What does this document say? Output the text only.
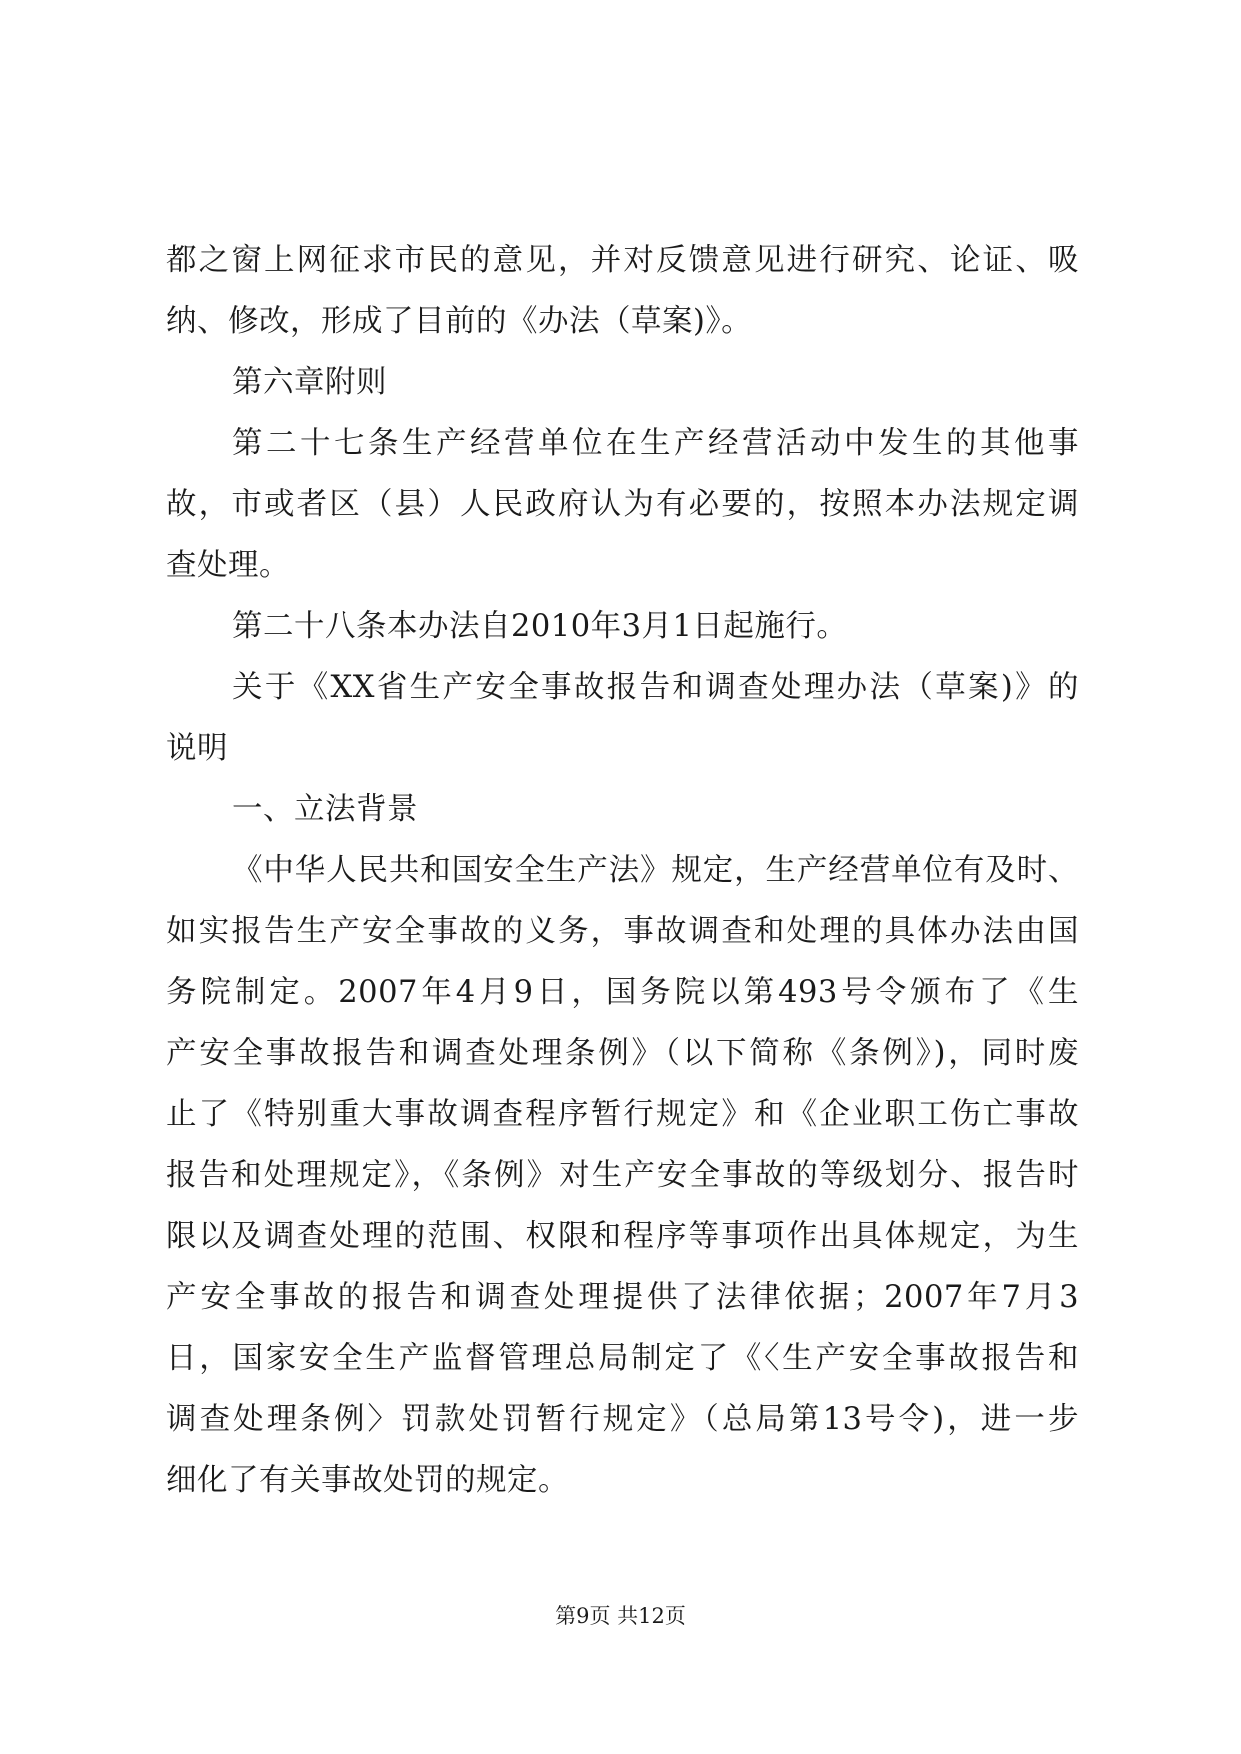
都之窗上网征求市民的意见，并对反馈意见进行研究、论证、吸
纳、修改，形成了目前的《办法（草案)》。
第六章附则
第二十七条生产经营单位在生产经营活动中发生的其他事
故，市或者区（县）人民政府认为有必要的，按照本办法规定调
查处理。
第二十八条本办法自2010年3月1日起施行。
关于《XX省生产安全事故报告和调查处理办法（草案)》的
说明
一、立法背景
《中华人民共和国安全生产法》规定，生产经营单位有及时、
如实报告生产安全事故的义务，事故调查和处理的具体办法由国
务院制定。2007年4月9日，国务院以第493号令颁布了《生
产安全事故报告和调查处理条例》（以下简称《条例》)，同时废
止了《特别重大事故调查程序暂行规定》和《企业职工伤亡事故
报告和处理规定》，《条例》对生产安全事故的等级划分、报告时
限以及调查处理的范围、权限和程序等事项作出具体规定，为生
产安全事故的报告和调查处理提供了法律依据；2007年7月3
日，国家安全生产监督管理总局制定了《〈生产安全事故报告和
调查处理条例〉罚款处罚暂行规定》（总局第13号令)，进一步
细化了有关事故处罚的规定。
第9页 共12页
